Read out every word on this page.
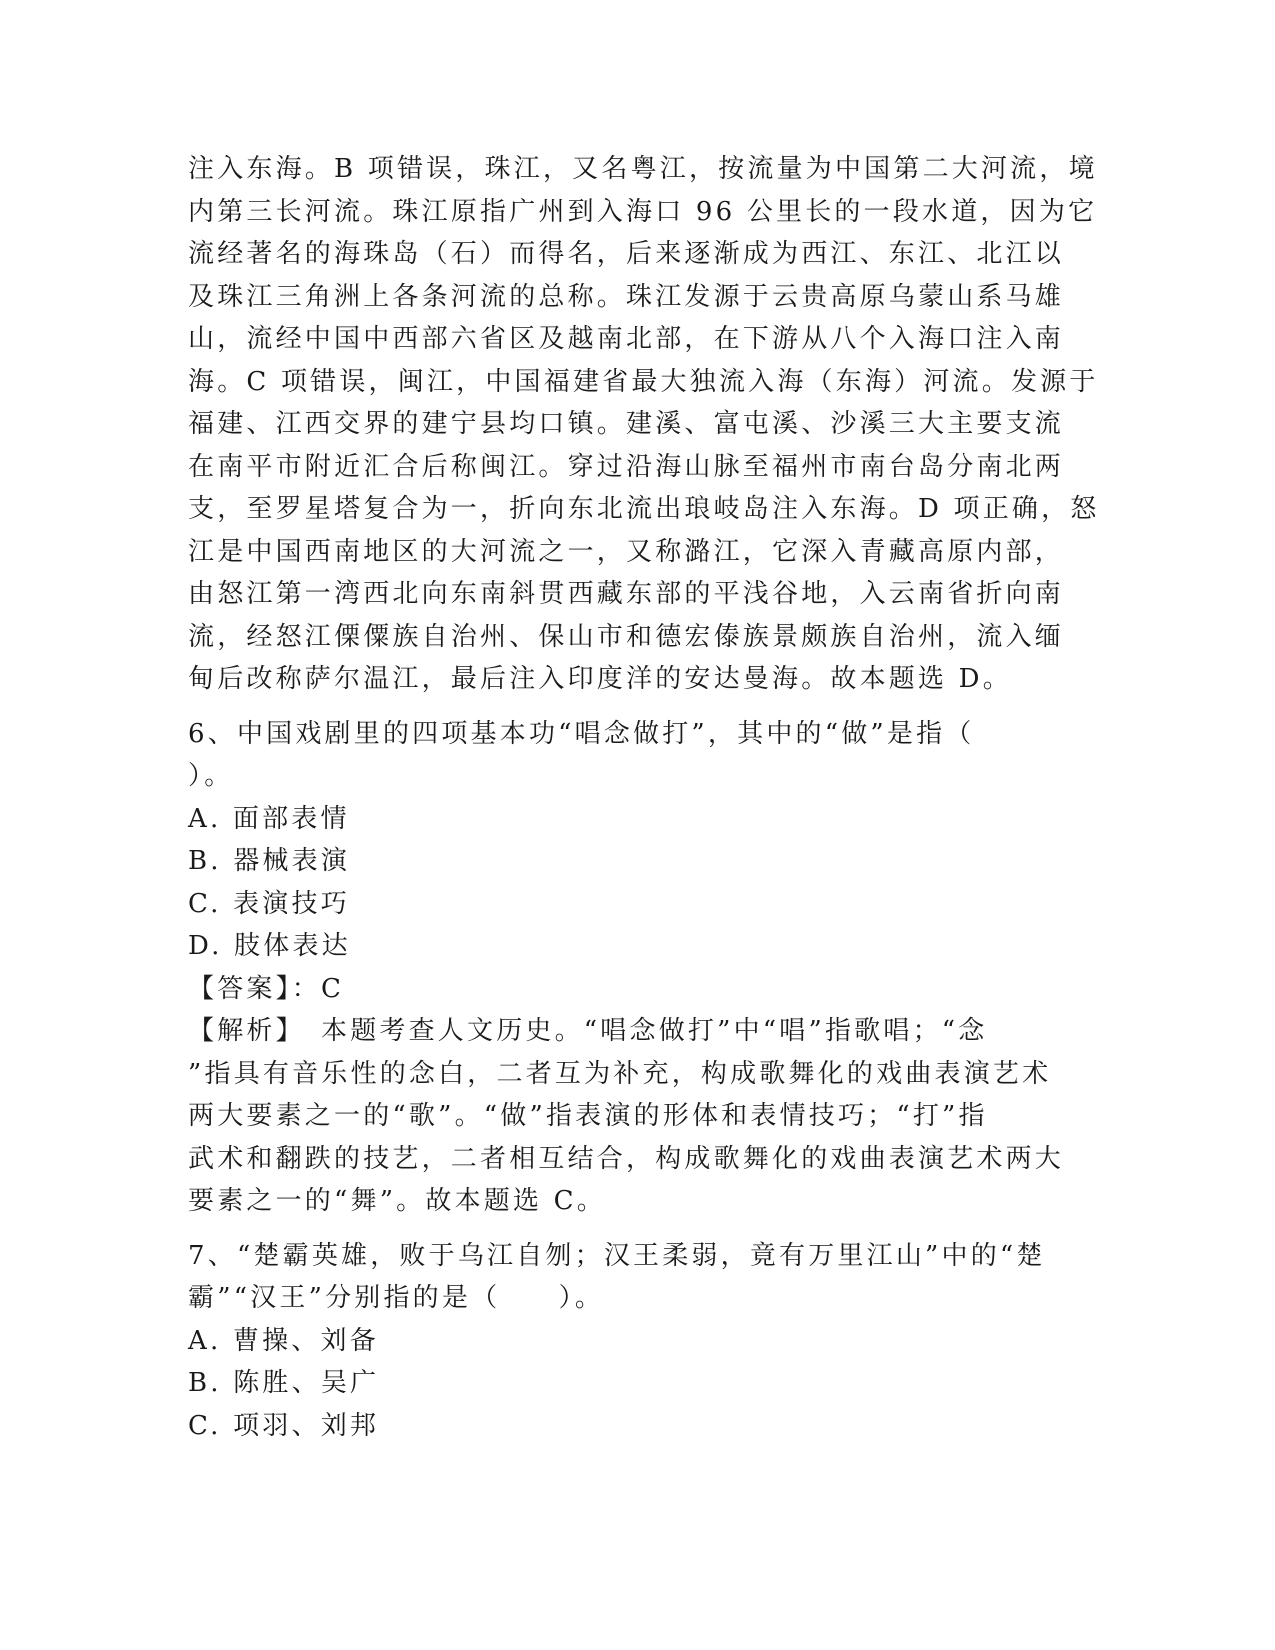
注入东海。B 项错误，珠江，又名粤江，按流量为中国第二大河流，境
内第三长河流。珠江原指广州到入海口 96 公里长的一段水道，因为它
流经著名的海珠岛（石）而得名，后来逐渐成为西江、东江、北江以
及珠江三角洲上各条河流的总称。珠江发源于云贵高原乌蒙山系马雄
山，流经中国中西部六省区及越南北部，在下游从八个入海口注入南
海。C 项错误，闽江，中国福建省最大独流入海（东海）河流。发源于
福建、江西交界的建宁县均口镇。建溪、富屯溪、沙溪三大主要支流
在南平市附近汇合后称闽江。穿过沿海山脉至福州市南台岛分南北两
支，至罗星塔复合为一，折向东北流出琅岐岛注入东海。D 项正确，怒
江是中国西南地区的大河流之一，又称潞江，它深入青藏高原内部，
由怒江第一湾西北向东南斜贯西藏东部的平浅谷地，入云南省折向南
流，经怒江傈僳族自治州、保山市和德宏傣族景颇族自治州，流入缅
甸后改称萨尔温江，最后注入印度洋的安达曼海。故本题选 D。
6、中国戏剧里的四项基本功“唱念做打”，其中的“做”是指（
）。
A. 面部表情
B. 器械表演
C. 表演技巧
D. 肢体表达
【答案】：C
【解析】　本题考查人文历史。“唱念做打”中“唱”指歌唱；“念
”指具有音乐性的念白，二者互为补充，构成歌舞化的戏曲表演艺术
两大要素之一的“歌”。“做”指表演的形体和表情技巧；“打”指
武术和翻跌的技艺，二者相互结合，构成歌舞化的戏曲表演艺术两大
要素之一的“舞”。故本题选 C。
7、“楚霸英雄，败于乌江自刎；汉王柔弱，竟有万里江山”中的“楚
霸”“汉王”分别指的是（　　）。
A. 曹操、刘备
B. 陈胜、吴广
C. 项羽、刘邦
